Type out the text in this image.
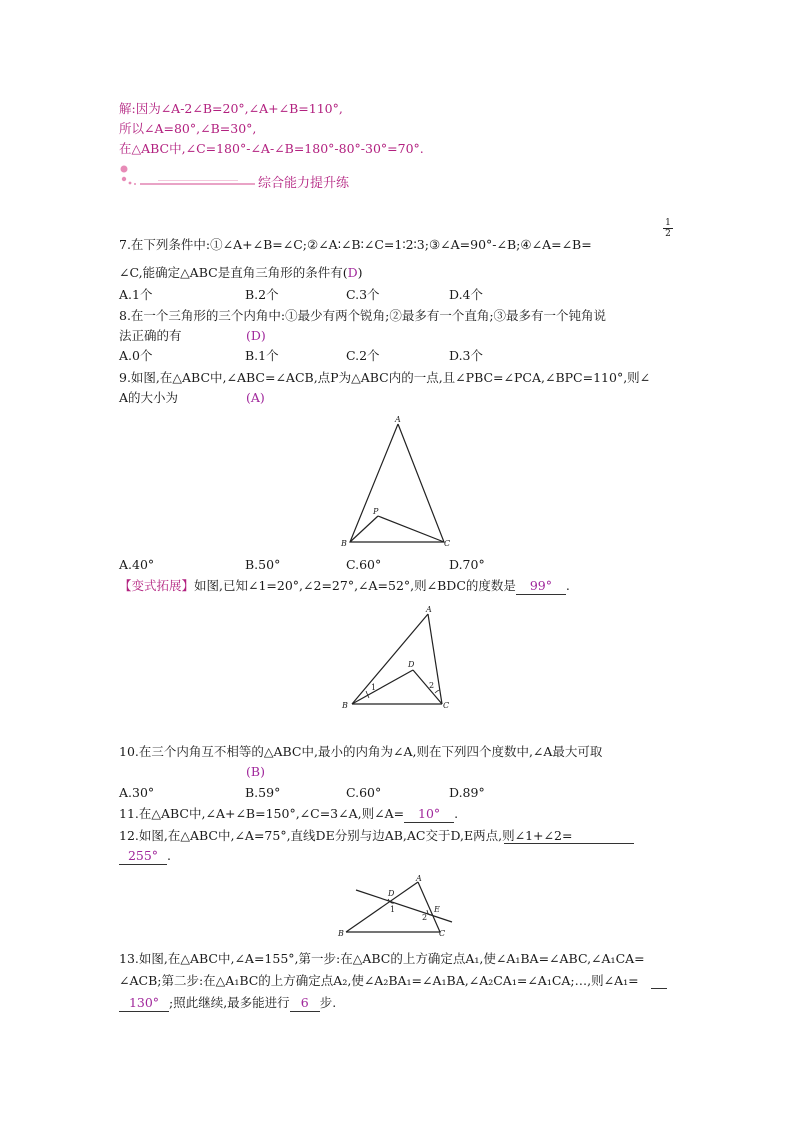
解:因为∠A-2∠B=20°,∠A+∠B=110°,
所以∠A=80°,∠B=30°,
在△ABC中,∠C=180°-∠A-∠B=180°-80°-30°=70°.
综合能力提升练
7.在下列条件中:①∠A+∠B=∠C;②∠A∶∠B∶∠C=1∶2∶3;③∠A=90°-∠B;④∠A=∠B=
$\frac{1}{2}$
∠C,能确定△ABC是直角三角形的条件有(D)
A.1个	B.2个	C.3个	D.4个
8.在一个三角形的三个内角中:①最少有两个锐角;②最多有一个直角;③最多有一个钝角说
法正确的有	(D)
A.0个	B.1个	C.2个	D.3个
9.如图,在△ABC中,∠ABC=∠ACB,点P为△ABC内的一点,且∠PBC=∠PCA,∠BPC=110°,则∠
A的大小为	(A)
A
B	C
P
A.40°	B.50°	C.60°	D.70°
【变式拓展】如图,已知∠1=20°,∠2=27°,∠A=52°,则∠BDC的度数是 99° .
A
B	C
D
1	2
10.在三个内角互不相等的△ABC中,最小的内角为∠A,则在下列四个度数中,∠A最大可取
(B)
A.30°	B.59°	C.60°	D.89°
11.在△ABC中,∠A+∠B=150°,∠C=3∠A,则∠A= 10° .
12.如图,在△ABC中,∠A=75°,直线DE分别与边AB,AC交于D,E两点,则∠1+∠2=
255° .
A
B	C
D
E
1
2
13.如图,在△ABC中,∠A=155°,第一步:在△ABC的上方确定点A₁,使∠A₁BA=∠ABC,∠A₁CA=
∠ACB;第二步:在△A₁BC的上方确定点A₂,使∠A₂BA₁=∠A₁BA,∠A₂CA₁=∠A₁CA;…,则∠A₁=
130° ;照此继续,最多能进行 6 步.
